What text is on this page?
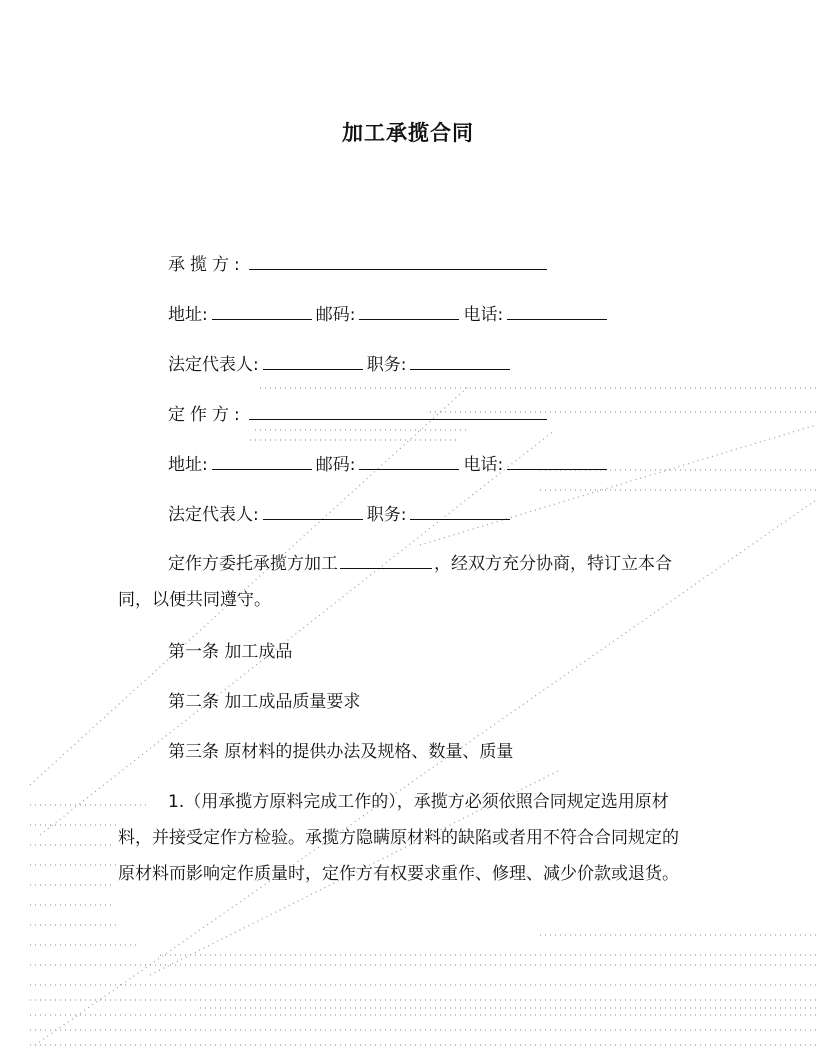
加工承揽合同
承揽方:
地址:	邮码:	电话:
法定代表人:	职务:
定作方:
地址:	邮码:	电话:
法定代表人:	职务:
定作方委托承揽方加工	，经双方充分协商，特订立本合同，以便共同遵守。
第一条 加工成品
第二条 加工成品质量要求
第三条 原材料的提供办法及规格、数量、质量
1.（用承揽方原料完成工作的），承揽方必须依照合同规定选用原材料，并接受定作方检验。承揽方隐瞒原材料的缺陷或者用不符合合同规定的原材料而影响定作质量时，定作方有权要求重作、修理、减少价款或退货。
